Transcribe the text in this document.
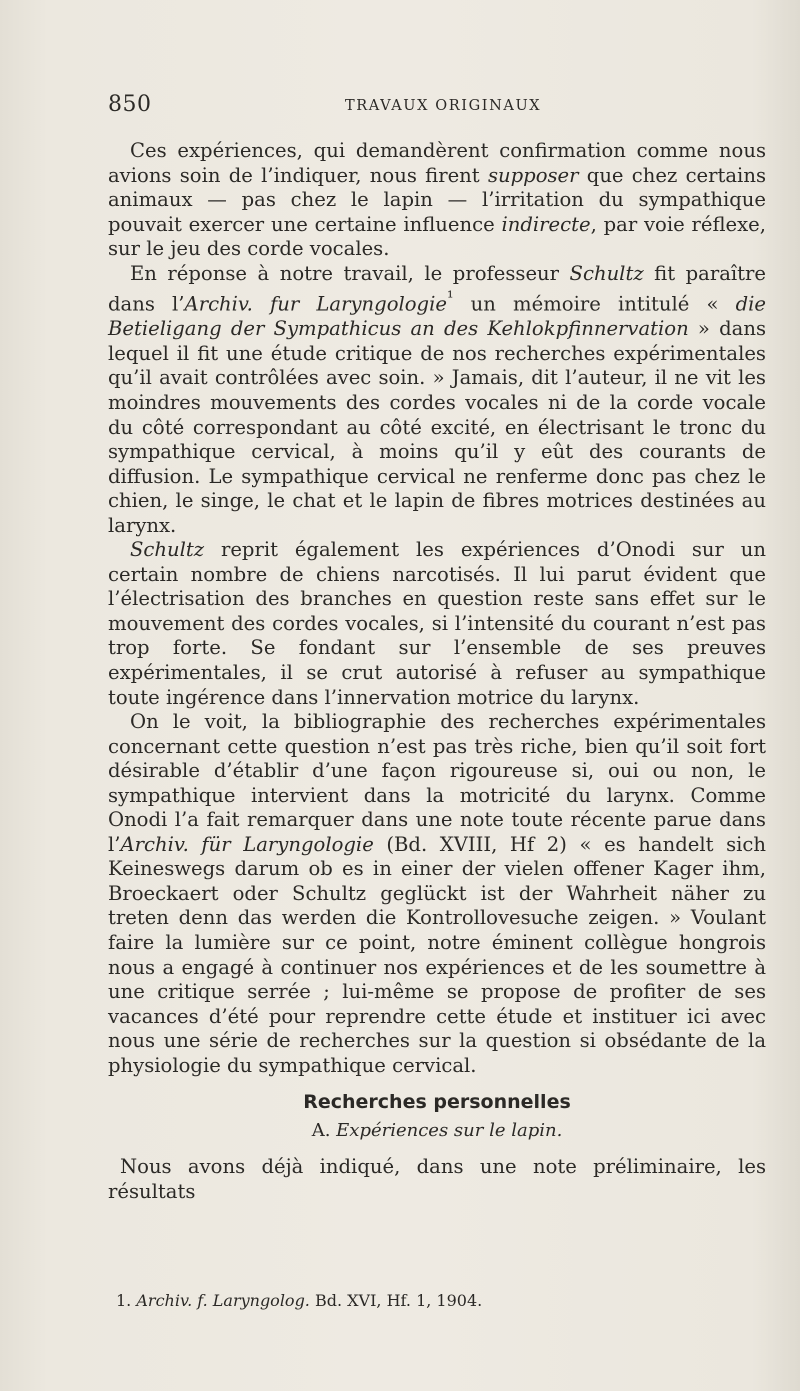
850	TRAVAUX ORIGINAUX

Ces expériences, qui demandèrent confirmation comme nous avions soin de l’indiquer, nous firent supposer que chez certains animaux — pas chez le lapin — l’irritation du sympathique pouvait exercer une certaine influence indirecte, par voie réflexe, sur le jeu des corde vocales.

En réponse à notre travail, le professeur Schultz fit paraître dans l’Archiv. fur Laryngologie$^{^1}$ un mémoire intitulé « die Betieligang der Sympathicus an des Kehlokpfinnervation » dans lequel il fit une étude critique de nos recherches expérimentales qu’il avait contrôlées avec soin. » Jamais, dit l’auteur, il ne vit les moindres mouvements des cordes vocales ni de la corde vocale du côté correspondant au côté excité, en électrisant le tronc du sympathique cervical, à moins qu’il y eût des courants de diffusion. Le sympathique cervical ne renferme donc pas chez le chien, le singe, le chat et le lapin de fibres motrices destinées au larynx.

Schultz reprit également les expériences d’Onodi sur un certain nombre de chiens narcotisés. Il lui parut évident que l’électrisation des branches en question reste sans effet sur le mouvement des cordes vocales, si l’intensité du courant n’est pas trop forte. Se fondant sur l’ensemble de ses preuves expérimentales, il se crut autorisé à refuser au sympathique toute ingérence dans l’innervation motrice du larynx.

On le voit, la bibliographie des recherches expérimentales concernant cette question n’est pas très riche, bien qu’il soit fort désirable d’établir d’une façon rigoureuse si, oui ou non, le sympathique intervient dans la motricité du larynx. Comme Onodi l’a fait remarquer dans une note toute récente parue dans l’Archiv. für Laryngologie (Bd. XVIII, Hf 2) « es handelt sich Keineswegs darum ob es in einer der vielen offener Kager ihm, Broeckaert oder Schultz geglückt ist der Wahrheit näher zu treten denn das werden die Kontrollovesuche zeigen. » Voulant faire la lumière sur ce point, notre éminent collègue hongrois nous a engagé à continuer nos expériences et de les soumettre à une critique serrée ; lui-même se propose de profiter de ses vacances d’été pour reprendre cette étude et instituer ici avec nous une série de recherches sur la question si obsédante de la physiologie du sympathique cervical.

Recherches personnelles

A. Expériences sur le lapin.

Nous avons déjà indiqué, dans une note préliminaire, les résultats

1. Archiv. f. Laryngolog. Bd. XVI, Hf. 1, 1904.
